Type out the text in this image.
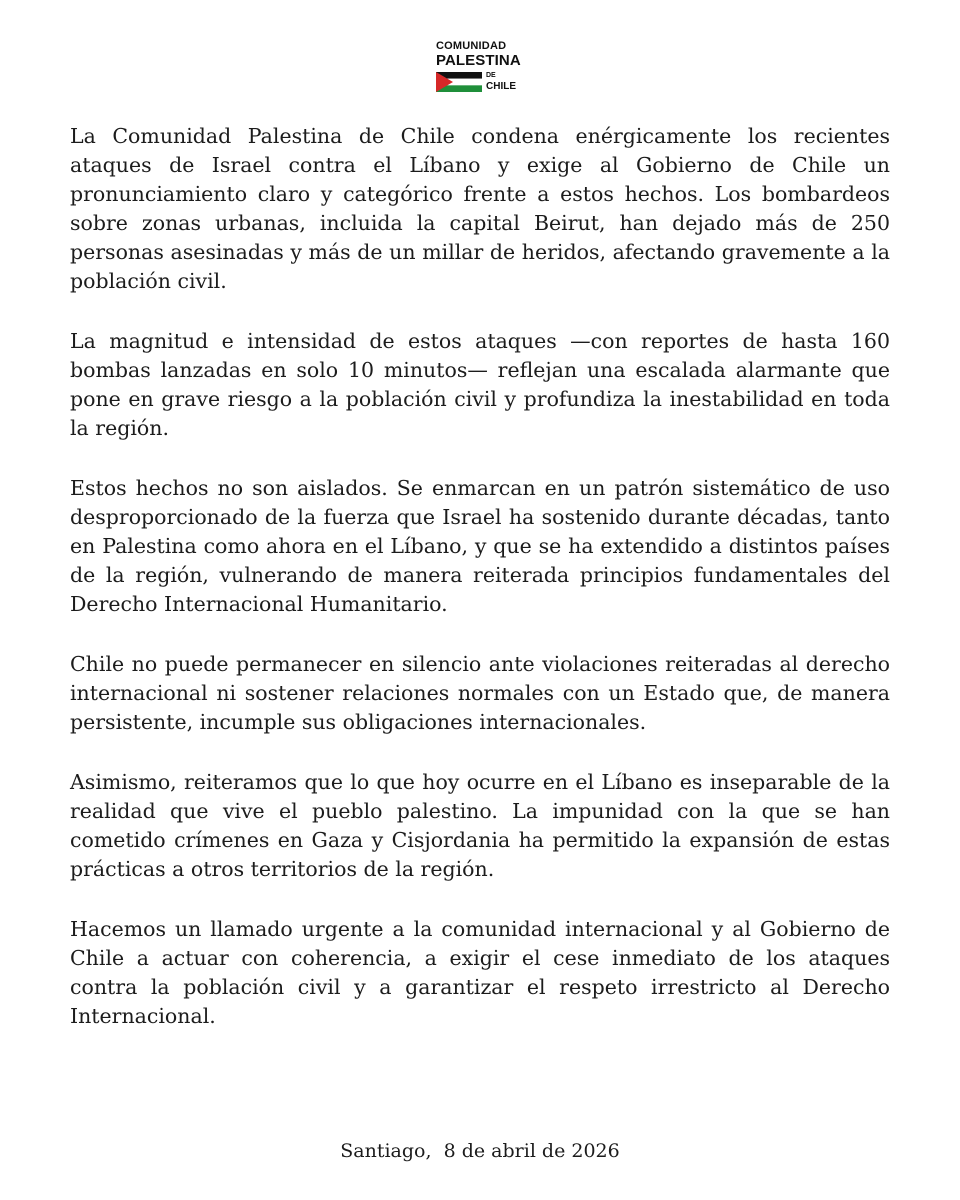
COMUNIDAD
PALESTINA
DE
CHILE

La Comunidad Palestina de Chile condena enérgicamente los recientes ataques de Israel contra el Líbano y exige al Gobierno de Chile un pronunciamiento claro y categórico frente a estos hechos. Los bombardeos sobre zonas urbanas, incluida la capital Beirut, han dejado más de 250 personas asesinadas y más de un millar de heridos, afectando gravemente a la población civil.

La magnitud e intensidad de estos ataques —con reportes de hasta 160 bombas lanzadas en solo 10 minutos— reflejan una escalada alarmante que pone en grave riesgo a la población civil y profundiza la inestabilidad en toda la región.

Estos hechos no son aislados. Se enmarcan en un patrón sistemático de uso desproporcionado de la fuerza que Israel ha sostenido durante décadas, tanto en Palestina como ahora en el Líbano, y que se ha extendido a distintos países de la región, vulnerando de manera reiterada principios fundamentales del Derecho Internacional Humanitario.

Chile no puede permanecer en silencio ante violaciones reiteradas al derecho internacional ni sostener relaciones normales con un Estado que, de manera persistente, incumple sus obligaciones internacionales.

Asimismo, reiteramos que lo que hoy ocurre en el Líbano es inseparable de la realidad que vive el pueblo palestino. La impunidad con la que se han cometido crímenes en Gaza y Cisjordania ha permitido la expansión de estas prácticas a otros territorios de la región.

Hacemos un llamado urgente a la comunidad internacional y al Gobierno de Chile a actuar con coherencia, a exigir el cese inmediato de los ataques contra la población civil y a garantizar el respeto irrestricto al Derecho Internacional.

Santiago,  8 de abril de 2026
